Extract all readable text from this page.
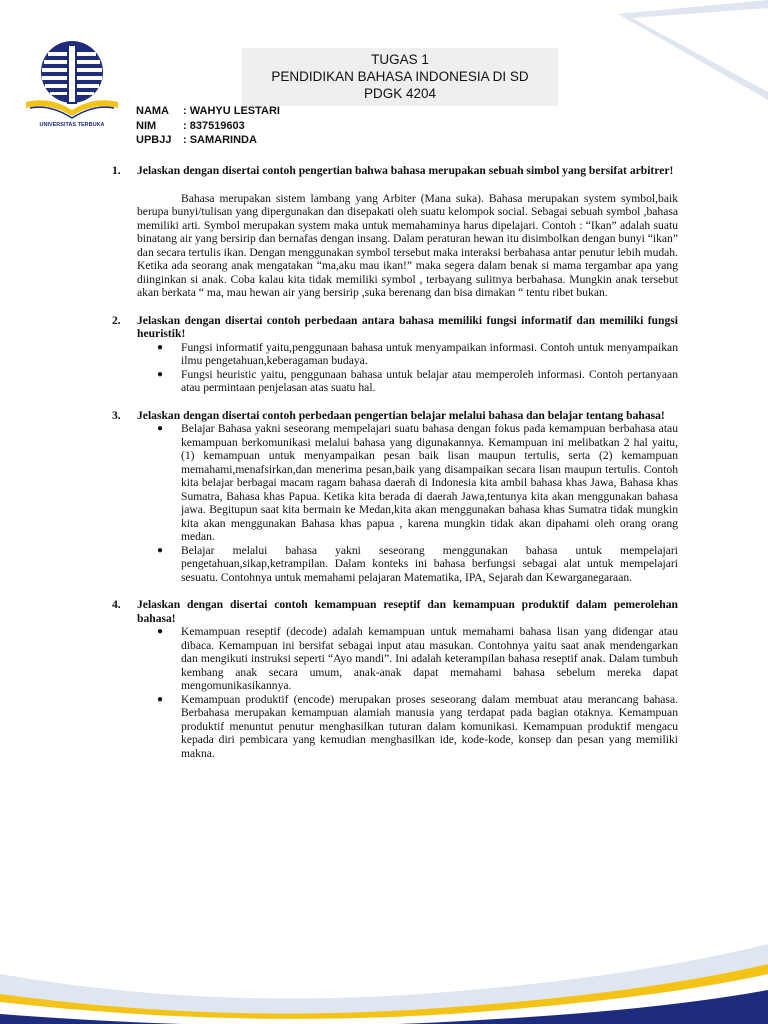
UNIVERSITAS TERBUKA
TUGAS 1
PENDIDIKAN BAHASA INDONESIA DI SD
PDGK 4204
NAMA : WAHYU LESTARI
NIM : 837519603
UPBJJ : SAMARINDA
1. Jelaskan dengan disertai contoh pengertian bahwa bahasa merupakan sebuah simbol yang bersifat arbitrer!
Bahasa merupakan sistem lambang yang Arbiter (Mana suka). Bahasa merupakan system symbol,baik berupa bunyi/tulisan yang dipergunakan dan disepakati oleh suatu kelompok social. Sebagai sebuah symbol ,bahasa memiliki arti. Symbol merupakan system maka untuk memahaminya harus dipelajari. Contoh : “Ikan” adalah suatu binatang air yang bersirip dan bernafas dengan insang. Dalam peraturan hewan itu disimbolkan dengan bunyi “ikan” dan secara tertulis ikan. Dengan menggunakan symbol tersebut maka interaksi berbahasa antar penutur lebih mudah. Ketika ada seorang anak mengatakan “ma,aku mau ikan!” maka segera dalam benak si mama tergambar apa yang diinginkan si anak. Coba kalau kita tidak memiliki symbol , terbayang sulitnya berbahasa. Mungkin anak tersebut akan berkata “ ma, mau hewan air yang bersirip ,suka berenang dan bisa dimakan “ tentu ribet bukan.
2. Jelaskan dengan disertai contoh perbedaan antara bahasa memiliki fungsi informatif dan memiliki fungsi heuristik!
● Fungsi informatif yaitu,penggunaan bahasa untuk menyampaikan informasi. Contoh untuk menyampaikan ilmu pengetahuan,keberagaman budaya.
● Fungsi heuristic yaitu, penggunaan bahasa untuk belajar atau memperoleh informasi. Contoh pertanyaan atau permintaan penjelasan atas suatu hal.
3. Jelaskan dengan disertai contoh perbedaan pengertian belajar melalui bahasa dan belajar tentang bahasa!
● Belajar Bahasa yakni seseorang mempelajari suatu bahasa dengan fokus pada kemampuan berbahasa atau kemampuan berkomunikasi melalui bahasa yang digunakannya. Kemampuan ini melibatkan 2 hal yaitu, (1) kemampuan untuk menyampaikan pesan baik lisan maupun tertulis, serta (2) kemampuan memahami,menafsirkan,dan menerima pesan,baik yang disampaikan secara lisan maupun tertulis. Contoh kita belajar berbagai macam ragam bahasa daerah di Indonesia kita ambil bahasa khas Jawa, Bahasa khas Sumatra, Bahasa khas Papua. Ketika kita berada di daerah Jawa,tentunya kita akan menggunakan bahasa jawa. Begitupun saat kita bermain ke Medan,kita akan menggunakan bahasa khas Sumatra tidak mungkin kita akan menggunakan Bahasa khas papua , karena mungkin tidak akan dipahami oleh orang orang medan.
● Belajar melalui bahasa yakni seseorang menggunakan bahasa untuk mempelajari pengetahuan,sikap,ketrampilan. Dalam konteks ini bahasa berfungsi sebagai alat untuk mempelajari sesuatu. Contohnya untuk memahami pelajaran Matematika, IPA, Sejarah dan Kewarganegaraan.
4. Jelaskan dengan disertai contoh kemampuan reseptif dan kemampuan produktif dalam pemerolehan bahasa!
● Kemampuan reseptif (decode) adalah kemampuan untuk memahami bahasa lisan yang didengar atau dibaca. Kemampuan ini bersifat sebagai input atau masukan. Contohnya yaitu saat anak mendengarkan dan mengikuti instruksi seperti “Ayo mandi”. Ini adalah keterampilan bahasa reseptif anak. Dalam tumbuh kembang anak secara umum, anak-anak dapat memahami bahasa sebelum mereka dapat mengomunikasikannya.
● Kemampuan produktif (encode) merupakan proses seseorang dalam membuat atau merancang bahasa. Berbahasa merupakan kemampuan alamiah manusia yang terdapat pada bagian otaknya. Kemampuan produktif menuntut penutur menghasilkan tuturan dalam komunikasi. Kemampuan produktif mengacu kepada diri pembicara yang kemudian menghasilkan ide, kode-kode, konsep dan pesan yang memiliki makna.
